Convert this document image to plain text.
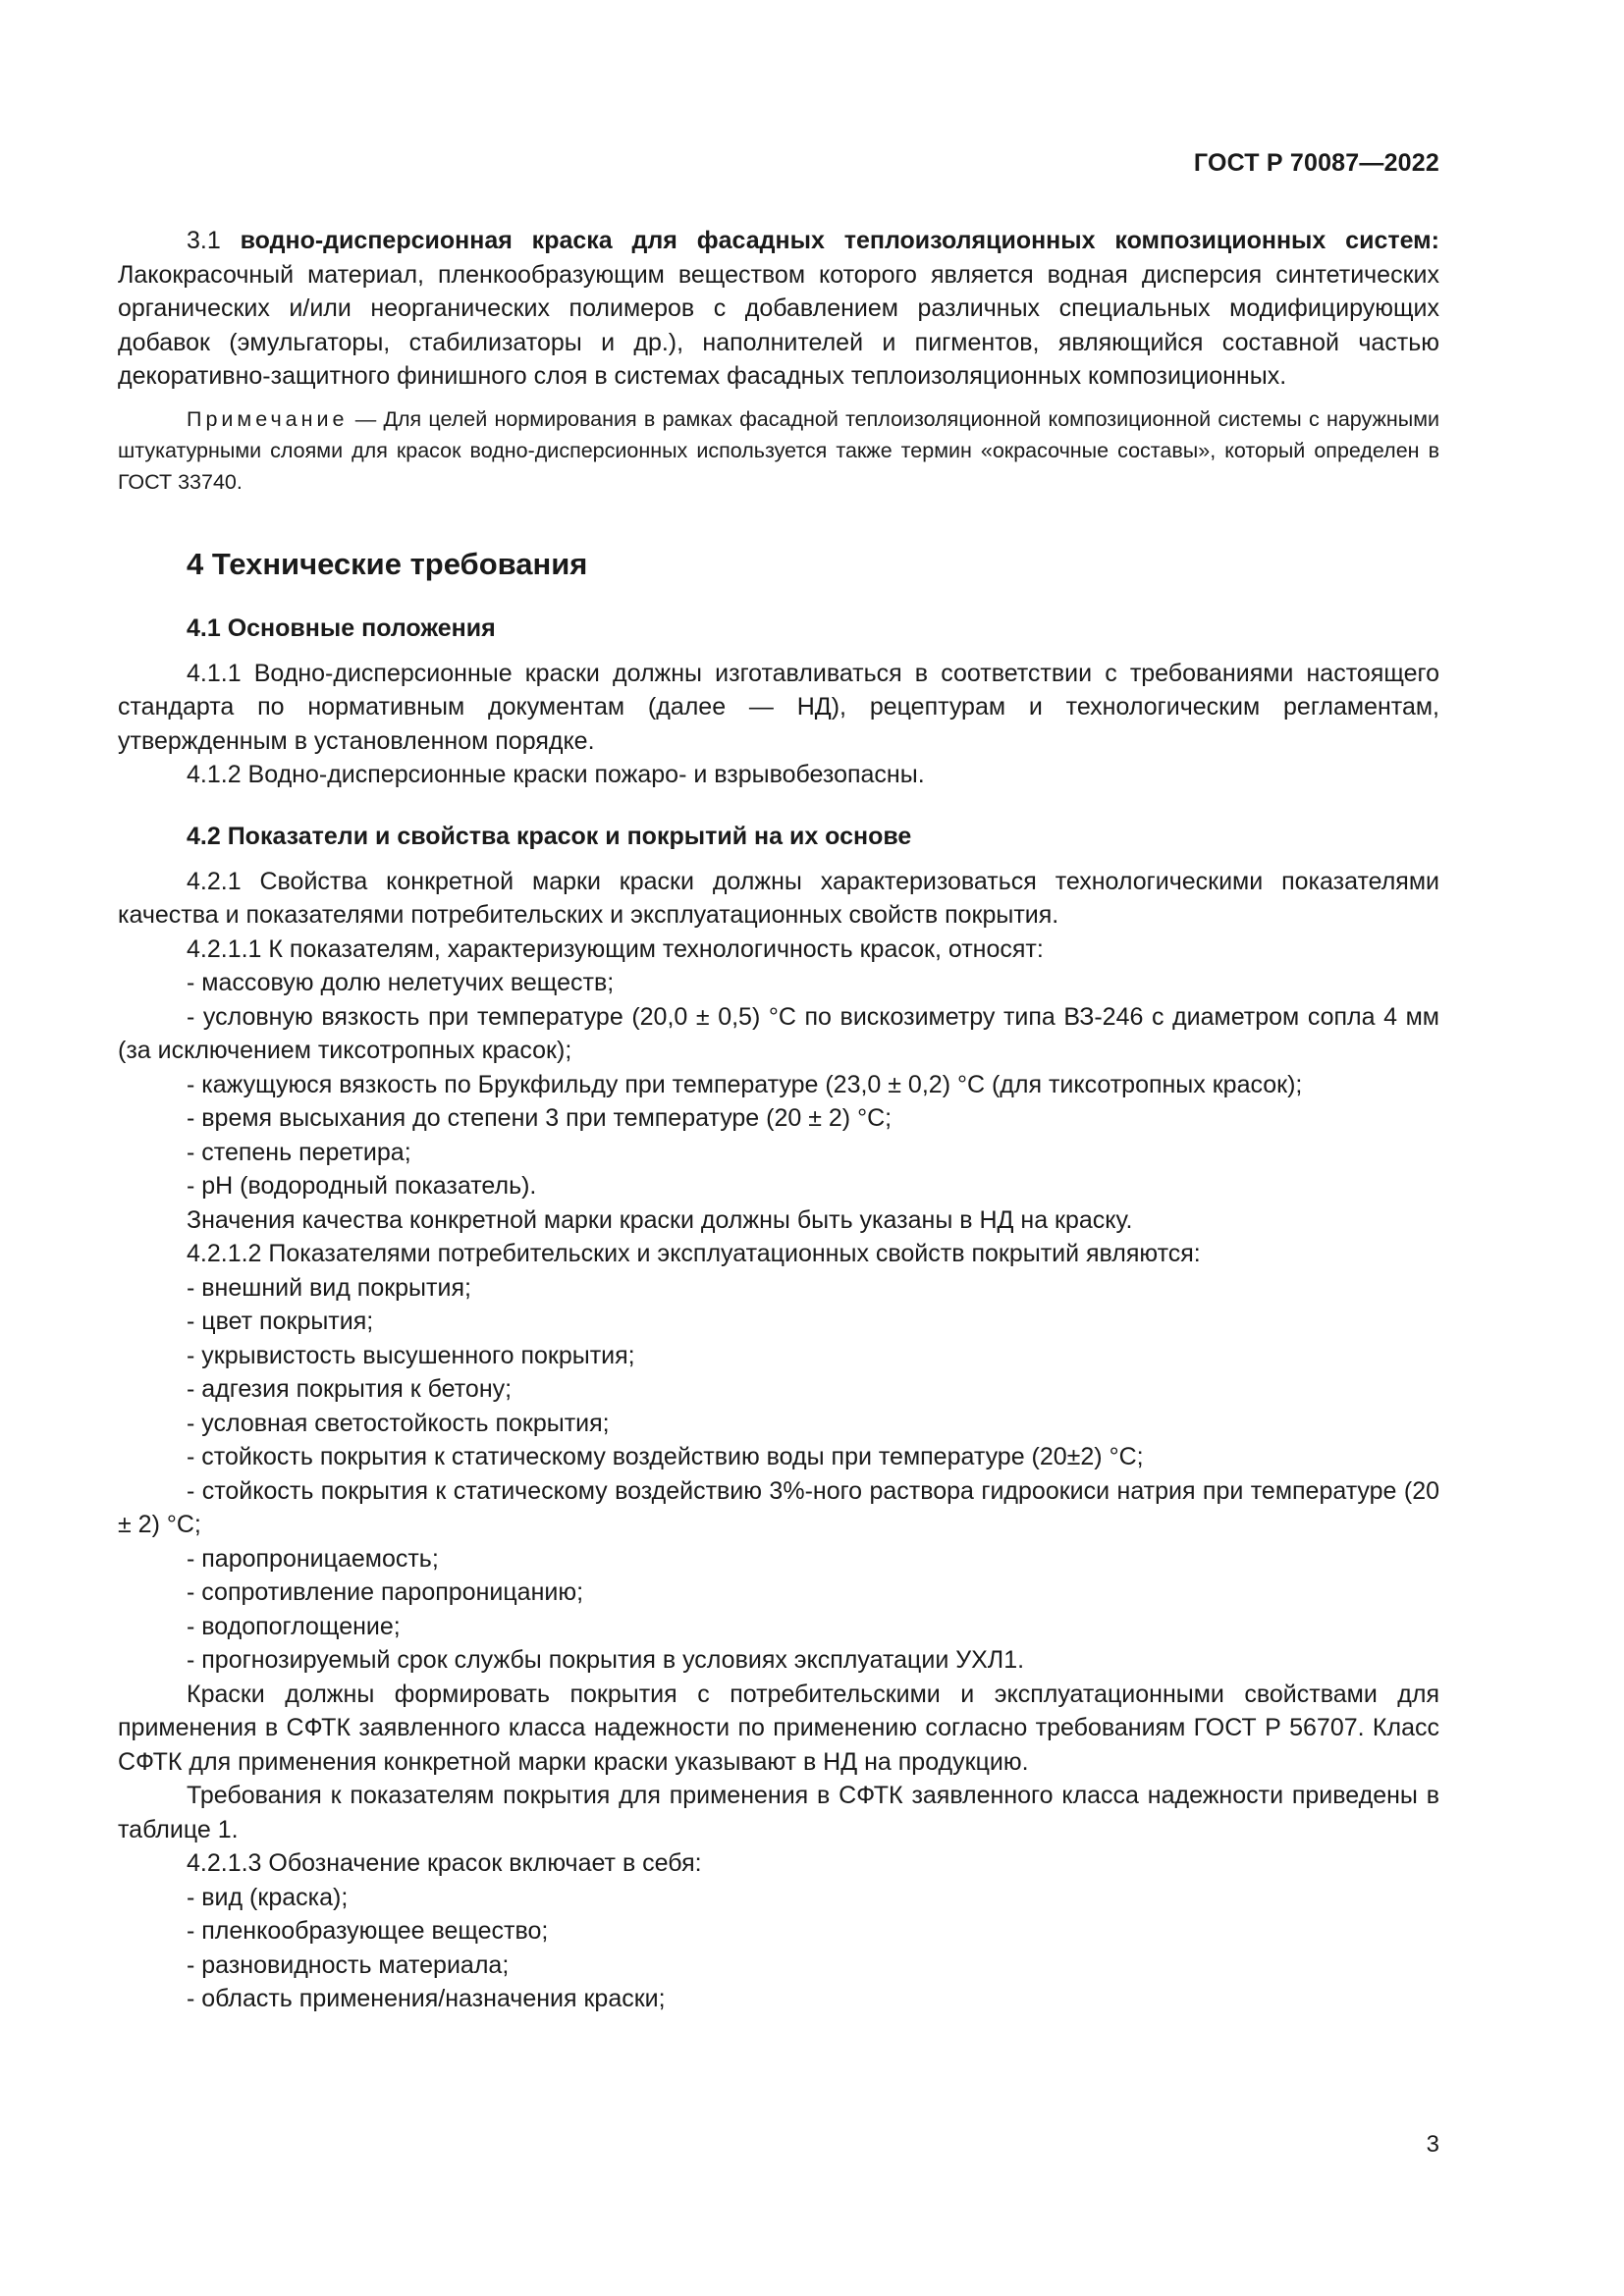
ГОСТ Р 70087—2022

3.1 водно-дисперсионная краска для фасадных теплоизоляционных композиционных систем: Лакокрасочный материал, пленкообразующим веществом которого является водная дисперсия синтетических органических и/или неорганических полимеров с добавлением различных специальных модифицирующих добавок (эмульгаторы, стабилизаторы и др.), наполнителей и пигментов, являющийся составной частью декоративно-защитного финишного слоя в системах фасадных теплоизоляционных композиционных.

Примечание — Для целей нормирования в рамках фасадной теплоизоляционной композиционной системы с наружными штукатурными слоями для красок водно-дисперсионных используется также термин «окрасочные составы», который определен в ГОСТ 33740.
4 Технические требования
4.1 Основные положения

4.1.1 Водно-дисперсионные краски должны изготавливаться в соответствии с требованиями настоящего стандарта по нормативным документам (далее — НД), рецептурам и технологическим регламентам, утвержденным в установленном порядке.

4.1.2 Водно-дисперсионные краски пожаро- и взрывобезопасны.

4.2 Показатели и свойства красок и покрытий на их основе

4.2.1 Свойства конкретной марки краски должны характеризоваться технологическими показателями качества и показателями потребительских и эксплуатационных свойств покрытия.

4.2.1.1 К показателям, характеризующим технологичность красок, относят:

- массовую долю нелетучих веществ;

- условную вязкость при температуре (20,0 ± 0,5) °С по вискозиметру типа ВЗ-246 с диаметром сопла 4 мм (за исключением тиксотропных красок);

- кажущуюся вязкость по Брукфильду при температуре (23,0 ± 0,2) °С (для тиксотропных красок);

- время высыхания до степени 3 при температуре (20 ± 2) °С;

- степень перетира;

- рН (водородный показатель).

Значения качества конкретной марки краски должны быть указаны в НД на краску.

4.2.1.2 Показателями потребительских и эксплуатационных свойств покрытий являются:

- внешний вид покрытия;

- цвет покрытия;

- укрывистость высушенного покрытия;

- адгезия покрытия к бетону;

- условная светостойкость покрытия;

- стойкость покрытия к статическому воздействию воды при температуре (20±2) °С;

- стойкость покрытия к статическому воздействию 3%-ного раствора гидроокиси натрия при температуре (20 ± 2) °С;

- паропроницаемость;

- сопротивление паропроницанию;

- водопоглощение;

- прогнозируемый срок службы покрытия в условиях эксплуатации УХЛ1.

Краски должны формировать покрытия с потребительскими и эксплуатационными свойствами для применения в СФТК заявленного класса надежности по применению согласно требованиям ГОСТ Р 56707. Класс СФТК для применения конкретной марки краски указывают в НД на продукцию.

Требования к показателям покрытия для применения в СФТК заявленного класса надежности приведены в таблице 1.

4.2.1.3 Обозначение красок включает в себя:

- вид (краска);

- пленкообразующее вещество;

- разновидность материала;

- область применения/назначения краски;

3
